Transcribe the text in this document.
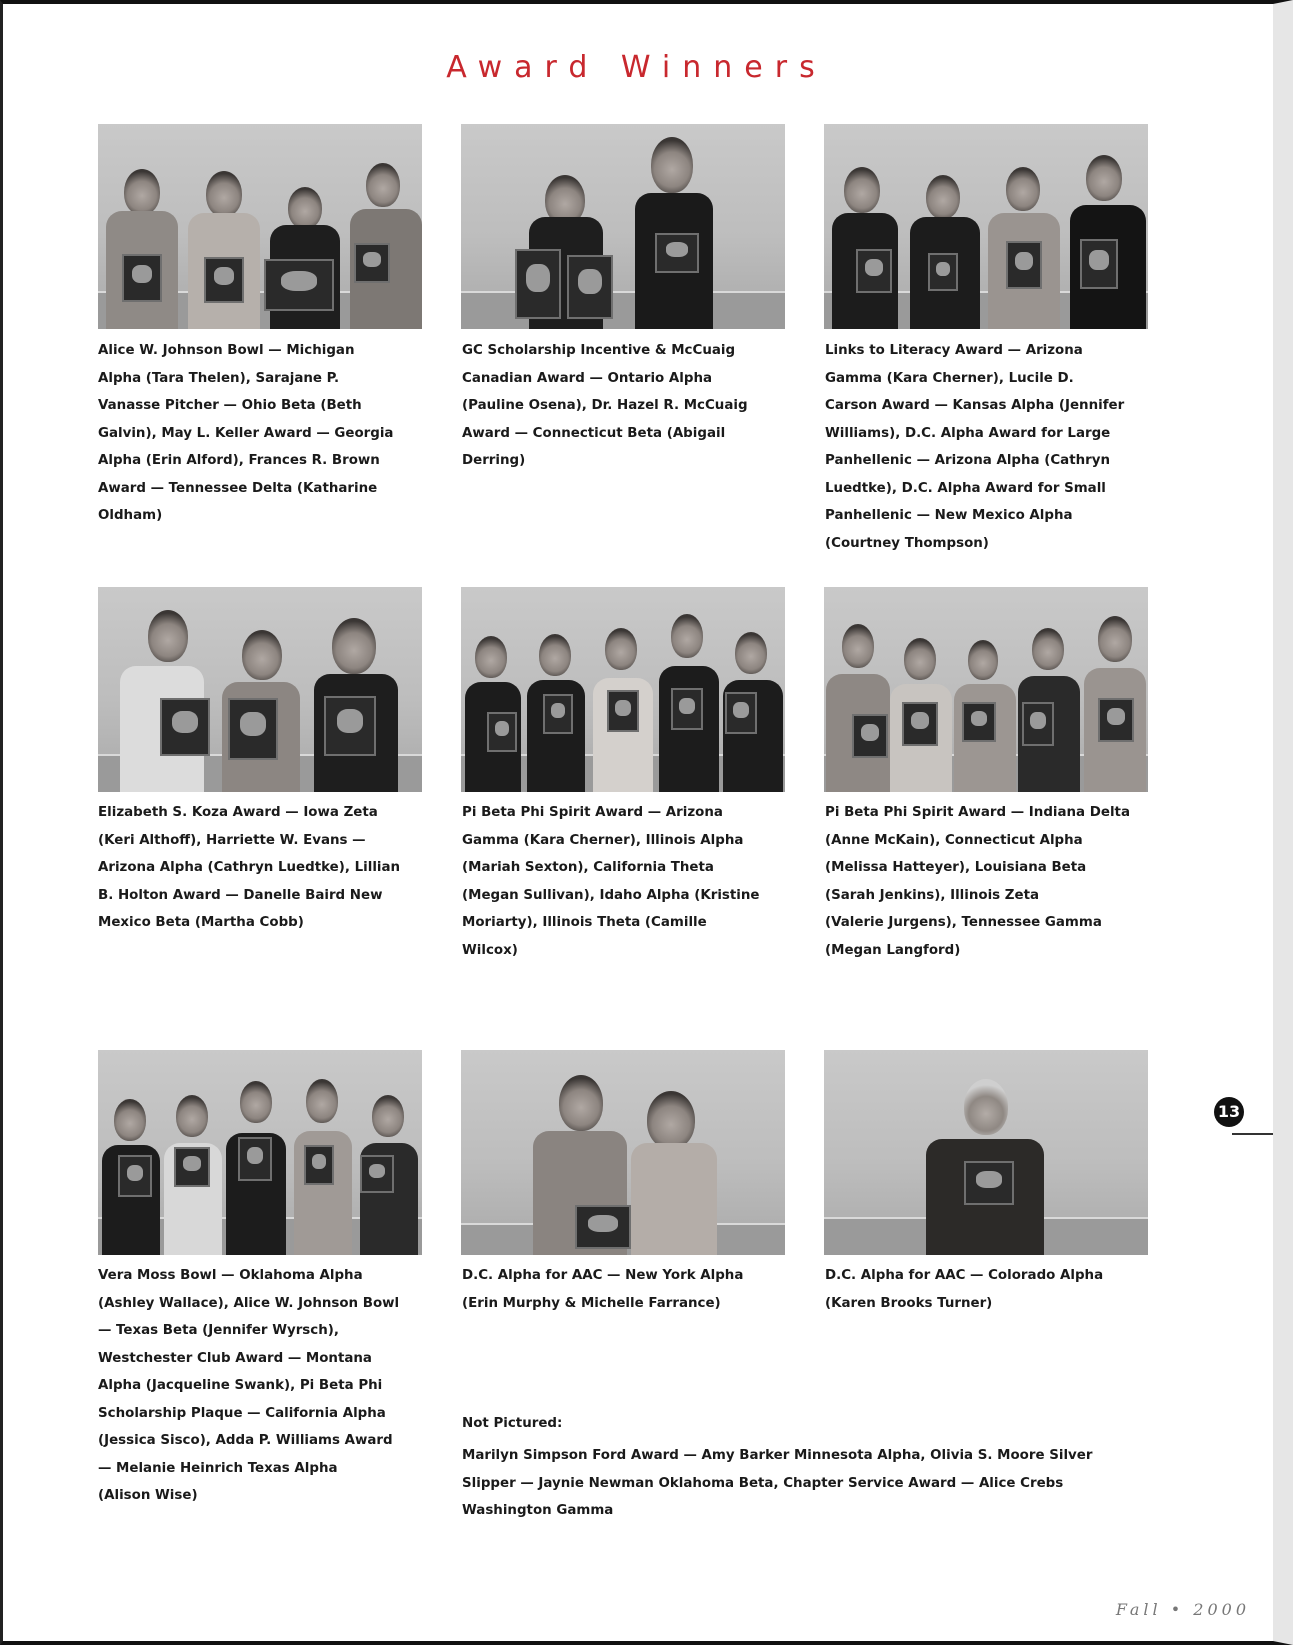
Award Winners
Alice W. Johnson Bowl — Michigan
Alpha (Tara Thelen), Sarajane P.
Vanasse Pitcher — Ohio Beta (Beth
Galvin), May L. Keller Award — Georgia
Alpha (Erin Alford), Frances R. Brown
Award — Tennessee Delta (Katharine
Oldham)
GC Scholarship Incentive & McCuaig
Canadian Award — Ontario Alpha
(Pauline Osena), Dr. Hazel R. McCuaig
Award — Connecticut Beta (Abigail
Derring)
Links to Literacy Award — Arizona
Gamma (Kara Cherner), Lucile D.
Carson Award — Kansas Alpha (Jennifer
Williams), D.C. Alpha Award for Large
Panhellenic — Arizona Alpha (Cathryn
Luedtke), D.C. Alpha Award for Small
Panhellenic — New Mexico Alpha
(Courtney Thompson)
Elizabeth S. Koza Award — Iowa Zeta
(Keri Althoff), Harriette W. Evans —
Arizona Alpha (Cathryn Luedtke), Lillian
B. Holton Award — Danelle Baird New
Mexico Beta (Martha Cobb)
Pi Beta Phi Spirit Award — Arizona
Gamma (Kara Cherner), Illinois Alpha
(Mariah Sexton), California Theta
(Megan Sullivan), Idaho Alpha (Kristine
Moriarty), Illinois Theta (Camille
Wilcox)
Pi Beta Phi Spirit Award — Indiana Delta
(Anne McKain), Connecticut Alpha
(Melissa Hatteyer), Louisiana Beta
(Sarah Jenkins), Illinois Zeta
(Valerie Jurgens), Tennessee Gamma
(Megan Langford)
Vera Moss Bowl — Oklahoma Alpha
(Ashley Wallace), Alice W. Johnson Bowl
— Texas Beta (Jennifer Wyrsch),
Westchester Club Award — Montana
Alpha (Jacqueline Swank), Pi Beta Phi
Scholarship Plaque — California Alpha
(Jessica Sisco), Adda P. Williams Award
— Melanie Heinrich Texas Alpha
(Alison Wise)
D.C. Alpha for AAC — New York Alpha
(Erin Murphy & Michelle Farrance)
D.C. Alpha for AAC — Colorado Alpha
(Karen Brooks Turner)
Not Pictured:
Marilyn Simpson Ford Award — Amy Barker Minnesota Alpha, Olivia S. Moore Silver
Slipper — Jaynie Newman Oklahoma Beta, Chapter Service Award — Alice Crebs
Washington Gamma
13
Fall • 2000
